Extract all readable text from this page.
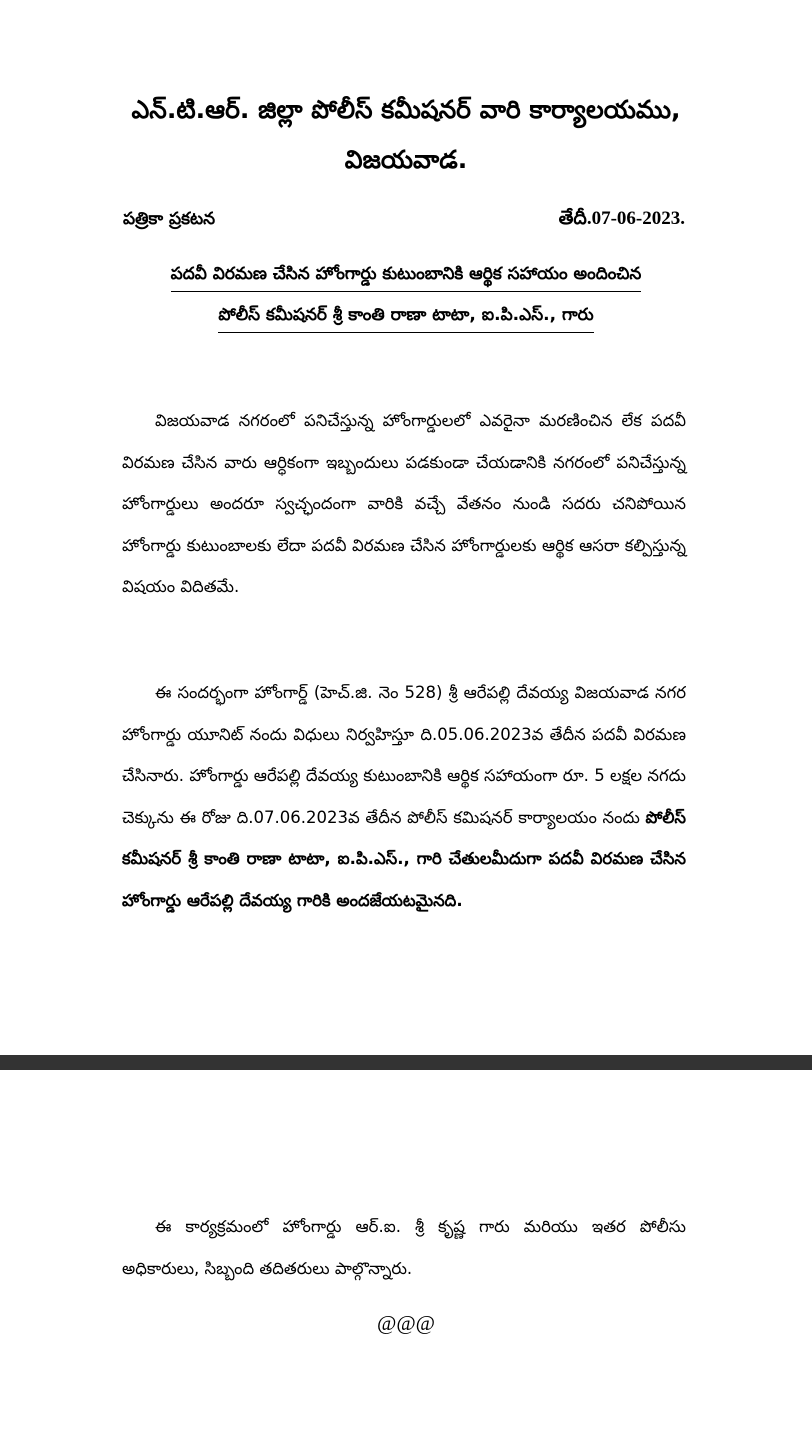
ఎన్.టి.ఆర్. జిల్లా పోలీస్ కమీషనర్ వారి కార్యాలయము,
విజయవాడ.
పత్రికా ప్రకటన	తేదీ.07-06-2023.
పదవీ విరమణ చేసిన హోంగార్డు కుటుంబానికి ఆర్థిక సహాయం అందించిన
పోలీస్ కమీషనర్ శ్రీ కాంతి రాణా టాటా, ఐ.పి.ఎస్., గారు
  విజయవాడ నగరంలో పనిచేస్తున్న హోంగార్డులలో ఎవరైనా మరణించిన లేక పదవీ విరమణ చేసిన వారు ఆర్ధికంగా ఇబ్బందులు పడకుండా చేయడానికి నగరంలో పనిచేస్తున్న హోంగార్డులు అందరూ స్వచ్ఛందంగా వారికి వచ్చే వేతనం నుండి సదరు చనిపోయిన హోంగార్డు కుటుంబాలకు లేదా పదవీ విరమణ చేసిన హోంగార్డులకు ఆర్థిక ఆసరా కల్పిస్తున్న విషయం విదితమే.
  ఈ సందర్భంగా హోంగార్డ్ (హెచ్.జి. నెం 528) శ్రీ ఆరేపల్లి దేవయ్య విజయవాడ నగర హోంగార్డు యూనిట్ నందు విధులు నిర్వహిస్తూ ది.05.06.2023వ తేదీన పదవీ విరమణ చేసినారు. హోంగార్డు ఆరేపల్లి దేవయ్య కుటుంబానికి ఆర్థిక సహాయంగా రూ. 5 లక్షల నగదు చెక్కును ఈ రోజు ది.07.06.2023వ తేదీన పోలీస్ కమిషనర్ కార్యాలయం నందు పోలీస్ కమీషనర్ శ్రీ కాంతి రాణా టాటా, ఐ.పి.ఎస్., గారి చేతులమీదుగా పదవీ విరమణ చేసిన హోంగార్డు ఆరేపల్లి దేవయ్య గారికి అందజేయటమైనది.
  ఈ కార్యక్రమంలో హోంగార్డు ఆర్.ఐ. శ్రీ కృష్ణ గారు మరియు ఇతర పోలీసు అధికారులు, సిబ్బంది తదితరులు పాల్గొన్నారు.
@@@
